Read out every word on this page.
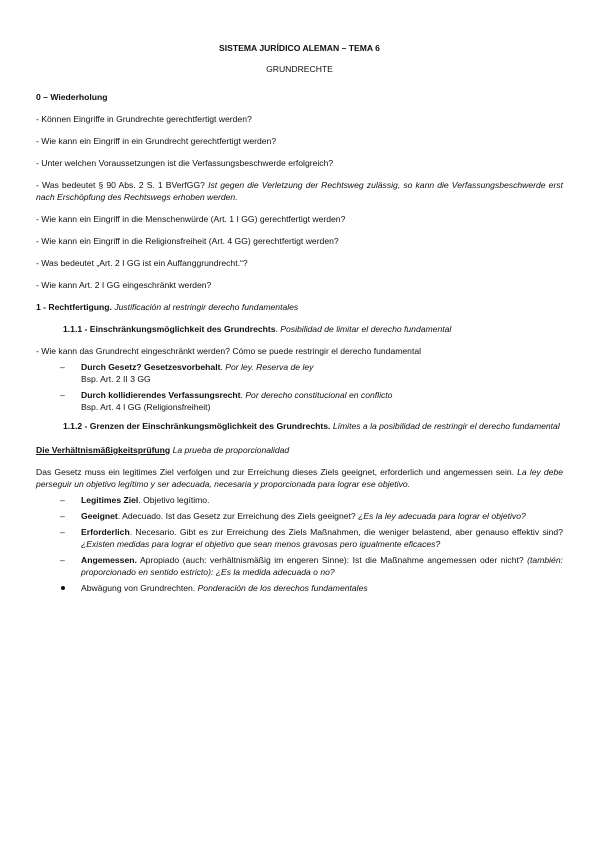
SISTEMA JURÍDICO ALEMAN – TEMA 6
GRUNDRECHTE
0 – Wiederholung
- Können Eingriffe in Grundrechte gerechtfertigt werden?
- Wie kann ein Eingriff in ein Grundrecht gerechtfertigt werden?
- Unter welchen Voraussetzungen ist die Verfassungsbeschwerde erfolgreich?
- Was bedeutet § 90 Abs. 2 S. 1 BVerfGG? Ist gegen die Verletzung der Rechtsweg zulässig, so kann die Verfassungsbeschwerde erst nach Erschöpfung des Rechtswegs erhoben werden.
- Wie kann ein Eingriff in die Menschenwürde (Art. 1 I GG) gerechtfertigt werden?
- Wie kann ein Eingriff in die Religionsfreiheit (Art. 4 GG) gerechtfertigt werden?
- Was bedeutet „Art. 2 I GG ist ein Auffanggrundrecht.“?
- Wie kann Art. 2 I GG eingeschränkt werden?
1 - Rechtfertigung. Justificación al restringir derecho fundamentales
1.1.1 - Einschränkungsmöglichkeit des Grundrechts. Posibilidad de limitar el derecho fundamental
- Wie kann das Grundrecht eingeschränkt werden? Cómo se puede restringir el derecho fundamental
– Durch Gesetz? Gesetzesvorbehalt. Por ley. Reserva de ley
Bsp. Art. 2 II 3 GG
– Durch kollidierendes Verfassungsrecht. Por derecho constitucional en conflicto
Bsp. Art. 4 I GG (Religionsfreiheit)
1.1.2 - Grenzen der Einschränkungsmöglichkeit des Grundrechts. Límites a la posibilidad de restringir el derecho fundamental
Die Verhältnismäßigkeitsprüfung La prueba de proporcionalidad
Das Gesetz muss ein legitimes Ziel verfolgen und zur Erreichung dieses Ziels geeignet, erforderlich und angemessen sein. La ley debe perseguir un objetivo legítimo y ser adecuada, necesaria y proporcionada para lograr ese objetivo.
– Legitimes Ziel. Objetivo legítimo.
– Geeignet. Adecuado. Ist das Gesetz zur Erreichung des Ziels geeignet? ¿Es la ley adecuada para lograr el objetivo?
– Erforderlich. Necesario. Gibt es zur Erreichung des Ziels Maßnahmen, die weniger belastend, aber genauso effektiv sind? ¿Existen medidas para lograr el objetivo que sean menos gravosas pero igualmente eficaces?
– Angemessen. Apropiado (auch: verhältnismäßig im engeren Sinne): Ist die Maßnahme angemessen oder nicht? (también: proporcionado en sentido estricto): ¿Es la medida adecuada o no?
Abwägung von Grundrechten. Ponderación de los derechos fundamentales
